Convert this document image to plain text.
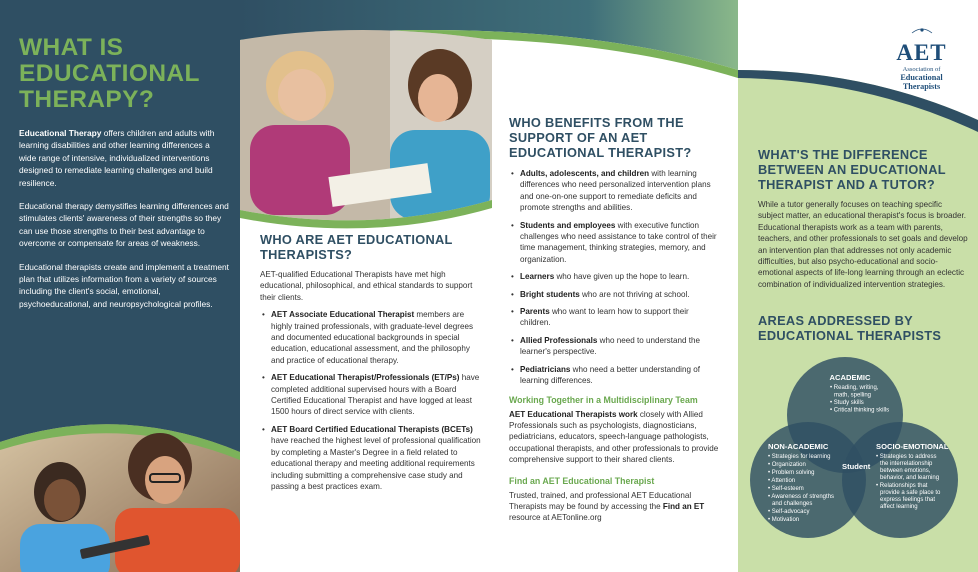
WHAT IS
EDUCATIONAL
THERAPY?

Educational Therapy offers children and adults with learning disabilities and other learning differences a wide range of intensive, individualized interventions designed to remediate learning challenges and build resilience.

Educational therapy demystifies learning differences and stimulates clients' awareness of their strengths so they can use those strengths to their best advantage to overcome or compensate for areas of weakness.

Educational therapists create and implement a treatment plan that utilizes information from a variety of sources including the client's social, emotional, psychoeducational, and neuropsychological profiles.

WHO ARE AET EDUCATIONAL THERAPISTS?

AET-qualified Educational Therapists have met high educational, philosophical, and ethical standards to support their clients.

• AET Associate Educational Therapist members are highly trained professionals, with graduate-level degrees and documented educational backgrounds in special education, educational assessment, and the philosophy and practice of educational therapy.
• AET Educational Therapist/Professionals (ET/Ps) have completed additional supervised hours with a Board Certified Educational Therapist and have logged at least 1500 hours of direct service with clients.
• AET Board Certified Educational Therapists (BCETs) have reached the highest level of professional qualification by completing a Master's Degree in a field related to educational therapy and meeting additional requirements including submitting a comprehensive case study and passing a best practices exam.
WHO BENEFITS FROM THE SUPPORT OF AN AET EDUCATIONAL THERAPIST?
• Adults, adolescents, and children with learning differences who need personalized intervention plans and one-on-one support to remediate deficits and promote strengths and abilities.
• Students and employees with executive function challenges who need assistance to take control of their time management, thinking strategies, memory, and organization.
• Learners who have given up the hope to learn.
• Bright students who are not thriving at school.
• Parents who want to learn how to support their children.
• Allied Professionals who need to understand the learner's perspective.
• Pediatricians who need a better understanding of learning differences.
Working Together in a Multidisciplinary Team

AET Educational Therapists work closely with Allied Professionals such as psychologists, diagnosticians, pediatricians, educators, speech-language pathologists, occupational therapists, and other professionals to provide comprehensive support to their shared clients.

Find an AET Educational Therapist

Trusted, trained, and professional AET Educational Therapists may be found by accessing the Find an ET resource at AETonline.org

AET
Association of
Educational
Therapists
WHAT'S THE DIFFERENCE BETWEEN AN EDUCATIONAL THERAPIST AND A TUTOR?

While a tutor generally focuses on teaching specific subject matter, an educational therapist's focus is broader. Educational therapists work as a team with parents, teachers, and other professionals to set goals and develop an intervention plan that addresses not only academic difficulties, but also psycho-educational and socio-emotional aspects of life-long learning through an eclectic combination of individualized intervention strategies.

AREAS ADDRESSED BY EDUCATIONAL THERAPISTS
ACADEMIC
• Reading, writing,
math, spelling
• Study skills
• Critical thinking skills
NON-ACADEMIC
• Strategies for learning
• Organization
• Problem solving
• Attention
• Self-esteem
• Awareness of strengths
and challenges
• Self-advocacy
• Motivation
Student
SOCIO-EMOTIONAL
• Strategies to address
the interrelationship
between emotions,
behavior, and learning
• Relationships that
provide a safe place to
express feelings that
affect learning
